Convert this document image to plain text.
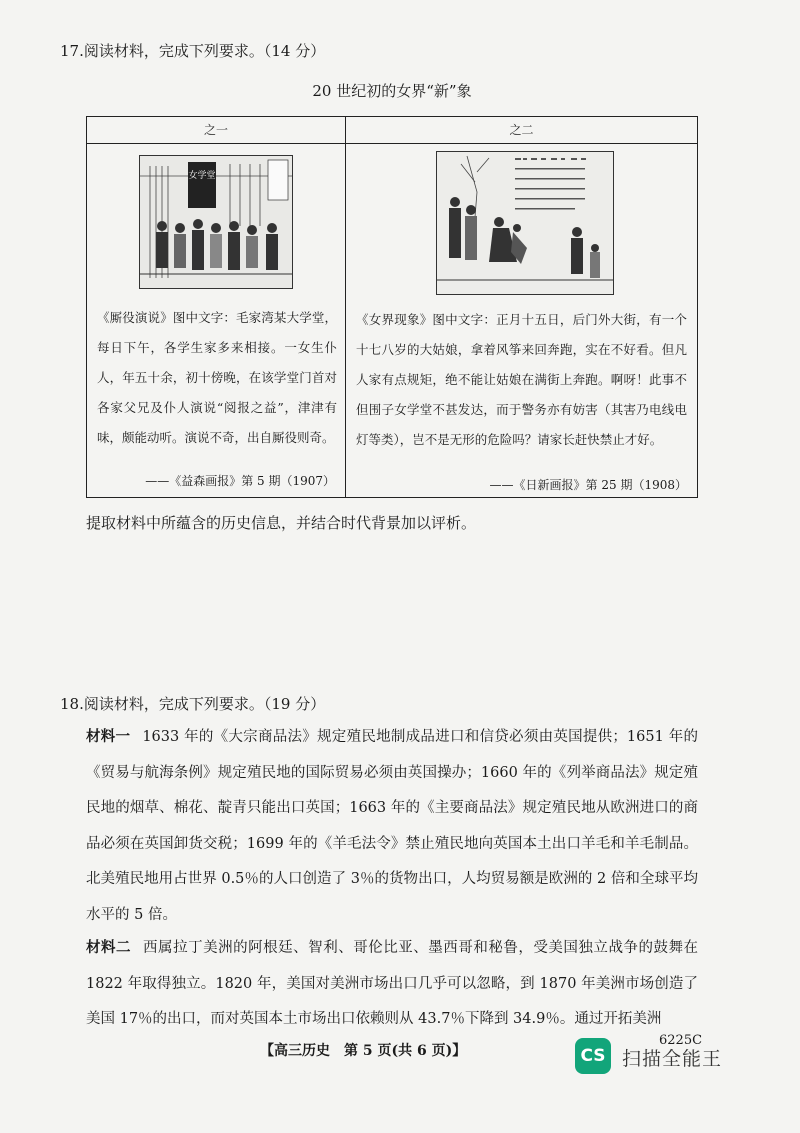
17.阅读材料，完成下列要求。（14 分）
20 世纪初的女界“新”象
之一
女学堂
《厮役演说》图中文字：毛家湾某大学堂，每日下午，各学生家多来相接。一女生仆人，年五十余，初十傍晚，在该学堂门首对各家父兄及仆人演说“阅报之益”，津津有味，颇能动听。演说不奇，出自厮役则奇。
——《益森画报》第 5 期（1907）
之二
《女界现象》图中文字：正月十五日，后门外大街，有一个十七八岁的大姑娘，拿着风筝来回奔跑，实在不好看。但凡人家有点规矩，绝不能让姑娘在满街上奔跑。啊呀！此事不但围子女学堂不甚发达，而于警务亦有妨害（其害乃电线电灯等类），岂不是无形的危险吗？请家长赶快禁止才好。
——《日新画报》第 25 期（1908）
提取材料中所蕴含的历史信息，并结合时代背景加以评析。
18.阅读材料，完成下列要求。（19 分）
材料一 1633 年的《大宗商品法》规定殖民地制成品进口和信贷必须由英国提供；1651 年的《贸易与航海条例》规定殖民地的国际贸易必须由英国操办；1660 年的《列举商品法》规定殖民地的烟草、棉花、靛青只能出口英国；1663 年的《主要商品法》规定殖民地从欧洲进口的商品必须在英国卸货交税；1699 年的《羊毛法令》禁止殖民地向英国本土出口羊毛和羊毛制品。北美殖民地用占世界 0.5％的人口创造了 3％的货物出口，人均贸易额是欧洲的 2 倍和全球平均水平的 5 倍。
材料二 西属拉丁美洲的阿根廷、智利、哥伦比亚、墨西哥和秘鲁，受美国独立战争的鼓舞在 1822 年取得独立。1820 年，美国对美洲市场出口几乎可以忽略，到 1870 年美洲市场创造了美国 17％的出口，而对英国本土市场出口依赖则从 43.7％下降到 34.9％。通过开拓美洲
【高三历史　第 5 页(共 6 页)】
6225C
CS 扫描全能王
